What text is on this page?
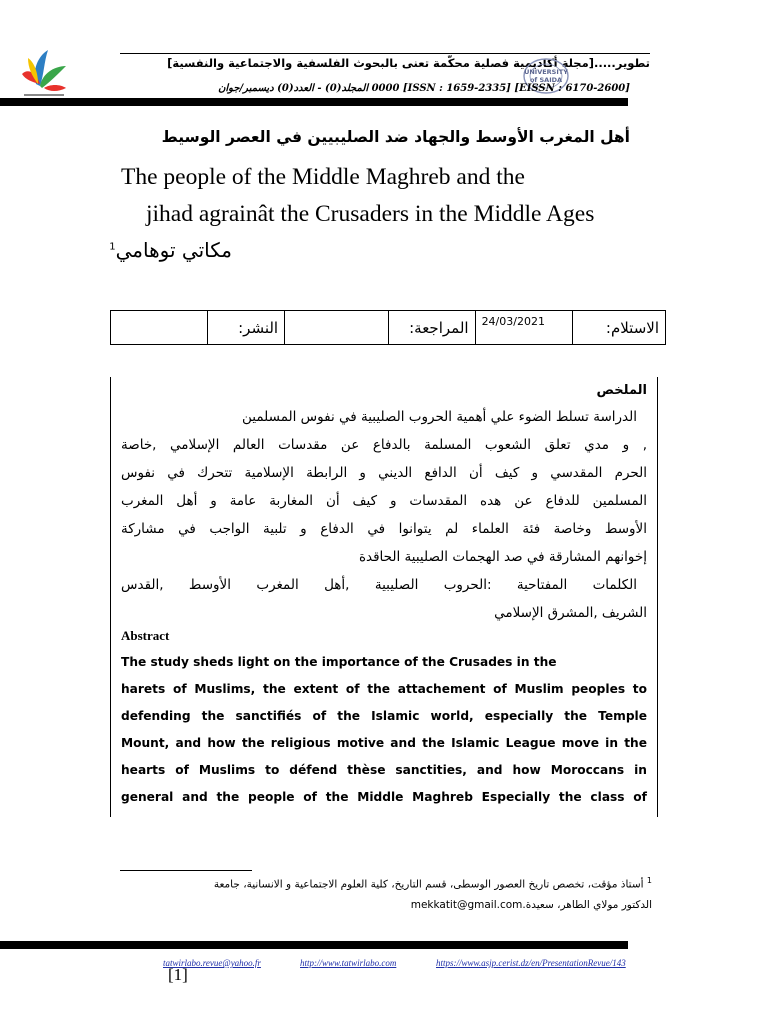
تطوير.....[مجلة أكاديمية فصلية محكّمة تعنى بالبحوث الفلسفية والاجتماعية والنفسية]
UNIVERSITY of SAIDA
[EISSN : 6170-2600] [ISSN : 1659-2335] 0000 المجلد(0) - العدد(0) ديسمبر/جوان
أهل المغرب الأوسط والجهاد ضد الصليبيين في العصر الوسيط
The people of the Middle Maghreb and the
jihad agrainât the Crusaders in the Middle Ages
مكاتي توهامي$^1$
الاستلام:	24/03/2021	المراجعة:		النشر:	
الملخص
الدراسة تسلط الضوء علي أهمية الحروب الصليبية في نفوس المسلمين
, و مدي تعلق الشعوب المسلمة بالدفاع عن مقدسات العالم الإسلامي ,خاصة
الحرم المقدسي و كيف أن الدافع الديني و الرابطة الإسلامية تتحرك في نفوس
المسلمين للدفاع عن هده المقدسات و كيف أن المغاربة عامة و أهل المغرب
الأوسط وخاصة فئة العلماء لم يتوانوا في الدفاع و تلبية الواجب في مشاركة
إخوانهم المشارقة في صد الهجمات الصليبية الحاقدة
الكلمات المفتاحية :الحروب الصليبية ,أهل المغرب الأوسط ,القدس
الشريف ,المشرق الإسلامي
Abstract
The study sheds light on the importance of the Crusades in the
harets of Muslims, the extent of the attachement of Muslim peoples to
defending the sanctifiés of the Islamic world, especially the Temple
Mount, and how the religious motive and the Islamic League move in the
hearts of Muslims to défend thèse sanctities, and how Moroccans in
general and the people of the Middle Maghreb Especially the class of
$^1$ أستاذ مؤقت، تخصص تاريخ العصور الوسطى، قسم التاريخ، كلية العلوم الاجتماعية و الانسانية، جامعة
الدكتور مولاي الطاهر، سعيدة.mekkatit@gmail.com
tatwirlabo.revue@yahoo.fr	http://www.tatwirlabo.com	https://www.asjp.cerist.dz/en/PresentationRevue/143
[1]
